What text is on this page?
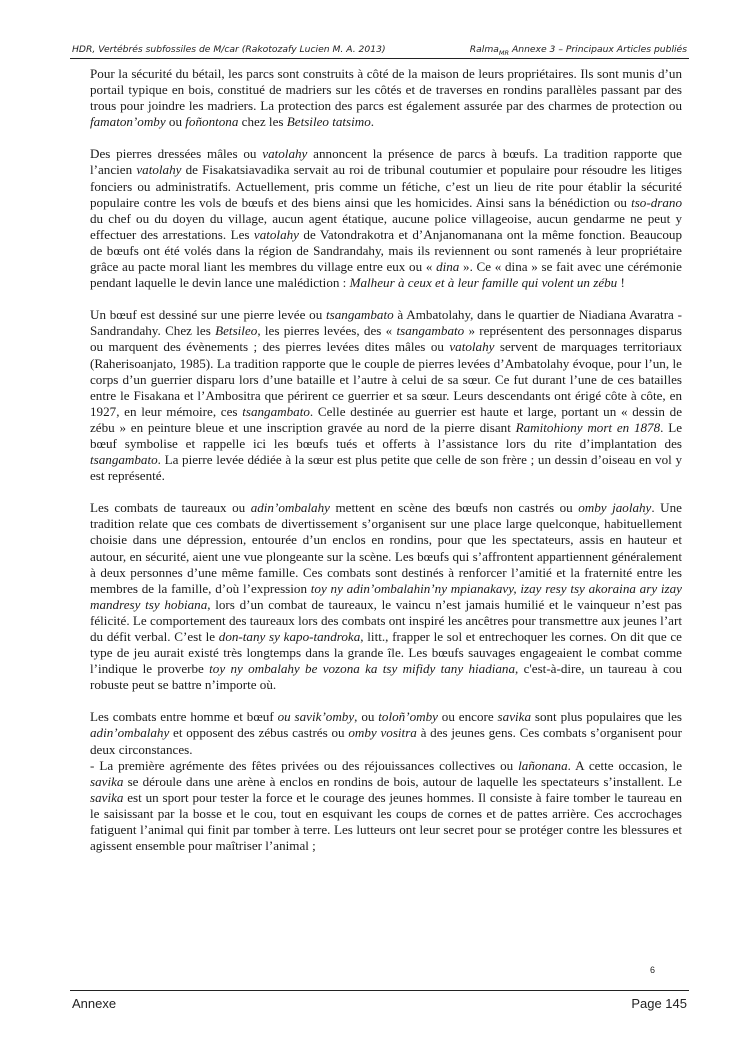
HDR, Vertébrés subfossiles de M/car (Rakotozafy Lucien M. A. 2013)	Ralma$_{MR}$ Annexe 3 – Principaux Articles publiés

Pour la sécurité du bétail, les parcs sont construits à côté de la maison de leurs propriétaires. Ils sont munis d’un portail typique en bois, constitué de madriers sur les côtés et de traverses en rondins parallèles passant par des trous pour joindre les madriers. La protection des parcs est également assurée par des charmes de protection ou famaton’omby ou foñontona chez les Betsileo tatsimo.

Des pierres dressées mâles ou vatolahy annoncent la présence de parcs à bœufs. La tradition rapporte que l’ancien vatolahy de Fisakatsiavadika servait au roi de tribunal coutumier et populaire pour résoudre les litiges fonciers ou administratifs. Actuellement, pris comme un fétiche, c’est un lieu de rite pour établir la sécurité populaire contre les vols de bœufs et des biens ainsi que les homicides. Ainsi sans la bénédiction ou tso-drano du chef ou du doyen du village, aucun agent étatique, aucune police villageoise, aucun gendarme ne peut y effectuer des arrestations. Les vatolahy de Vatondrakotra et d’Anjanomanana ont la même fonction. Beaucoup de bœufs ont été volés dans la région de Sandrandahy, mais ils reviennent ou sont ramenés à leur propriétaire grâce au pacte moral liant les membres du village entre eux ou « dina ». Ce « dina » se fait avec une cérémonie pendant laquelle le devin lance une malédiction : Malheur à ceux et à leur famille qui volent un zébu !

Un bœuf est dessiné sur une pierre levée ou tsangambato à Ambatolahy, dans le quartier de Niadiana Avaratra -Sandrandahy. Chez les Betsileo, les pierres levées, des « tsangambato » représentent des personnages disparus ou marquent des évènements ; des pierres levées dites mâles ou vatolahy servent de marquages territoriaux (Raherisoanjato, 1985). La tradition rapporte que le couple de pierres levées d’Ambatolahy évoque, pour l’un, le corps d’un guerrier disparu lors d’une bataille et l’autre à celui de sa sœur. Ce fut durant l’une de ces batailles entre le Fisakana et l’Ambositra que périrent ce guerrier et sa sœur. Leurs descendants ont érigé côte à côte, en 1927, en leur mémoire, ces tsangambato. Celle destinée au guerrier est haute et large, portant un « dessin de zébu » en peinture bleue et une inscription gravée au nord de la pierre disant Ramitohiony mort en 1878. Le bœuf symbolise et rappelle ici les bœufs tués et offerts à l’assistance lors du rite d’implantation des tsangambato. La pierre levée dédiée à la sœur est plus petite que celle de son frère ; un dessin d’oiseau en vol y est représenté.

Les combats de taureaux ou adin’ombalahy mettent en scène des bœufs non castrés ou omby jaolahy. Une tradition relate que ces combats de divertissement s’organisent sur une place large quelconque, habituellement choisie dans une dépression, entourée d’un enclos en rondins, pour que les spectateurs, assis en hauteur et autour, en sécurité, aient une vue plongeante sur la scène. Les bœufs qui s’affrontent appartiennent généralement à deux personnes d’une même famille. Ces combats sont destinés à renforcer l’amitié et la fraternité entre les membres de la famille, d’où l’expression toy ny adin’ombalahin’ny mpianakavy, izay resy tsy akoraina ary izay mandresy tsy hobiana, lors d’un combat de taureaux, le vaincu n’est jamais humilié et le vainqueur n’est pas félicité. Le comportement des taureaux lors des combats ont inspiré les ancêtres pour transmettre aux jeunes l’art du défit verbal. C’est le don-tany sy kapo-tandroka, litt., frapper le sol et entrechoquer les cornes. On dit que ce type de jeu aurait existé très longtemps dans la grande île. Les bœufs sauvages engageaient le combat comme l’indique le proverbe toy ny ombalahy be vozona ka tsy mifidy tany hiadiana, c'est-à-dire, un taureau à cou robuste peut se battre n’importe où.

Les combats entre homme et bœuf ou savik’omby, ou toloñ’omby ou encore savika sont plus populaires que les adin’ombalahy et opposent des zébus castrés ou omby vositra à des jeunes gens. Ces combats s’organisent pour deux circonstances.

- La première agrémente des fêtes privées ou des réjouissances collectives ou lañonana. A cette occasion, le savika se déroule dans une arène à enclos en rondins de bois, autour de laquelle les spectateurs s’installent. Le savika est un sport pour tester la force et le courage des jeunes hommes. Il consiste à faire tomber le taureau en le saisissant par la bosse et le cou, tout en esquivant les coups de cornes et de pattes arrière. Ces accrochages fatiguent l’animal qui finit par tomber à terre. Les lutteurs ont leur secret pour se protéger contre les blessures et agissent ensemble pour maîtriser l’animal ;

6
Annexe	Page 145
